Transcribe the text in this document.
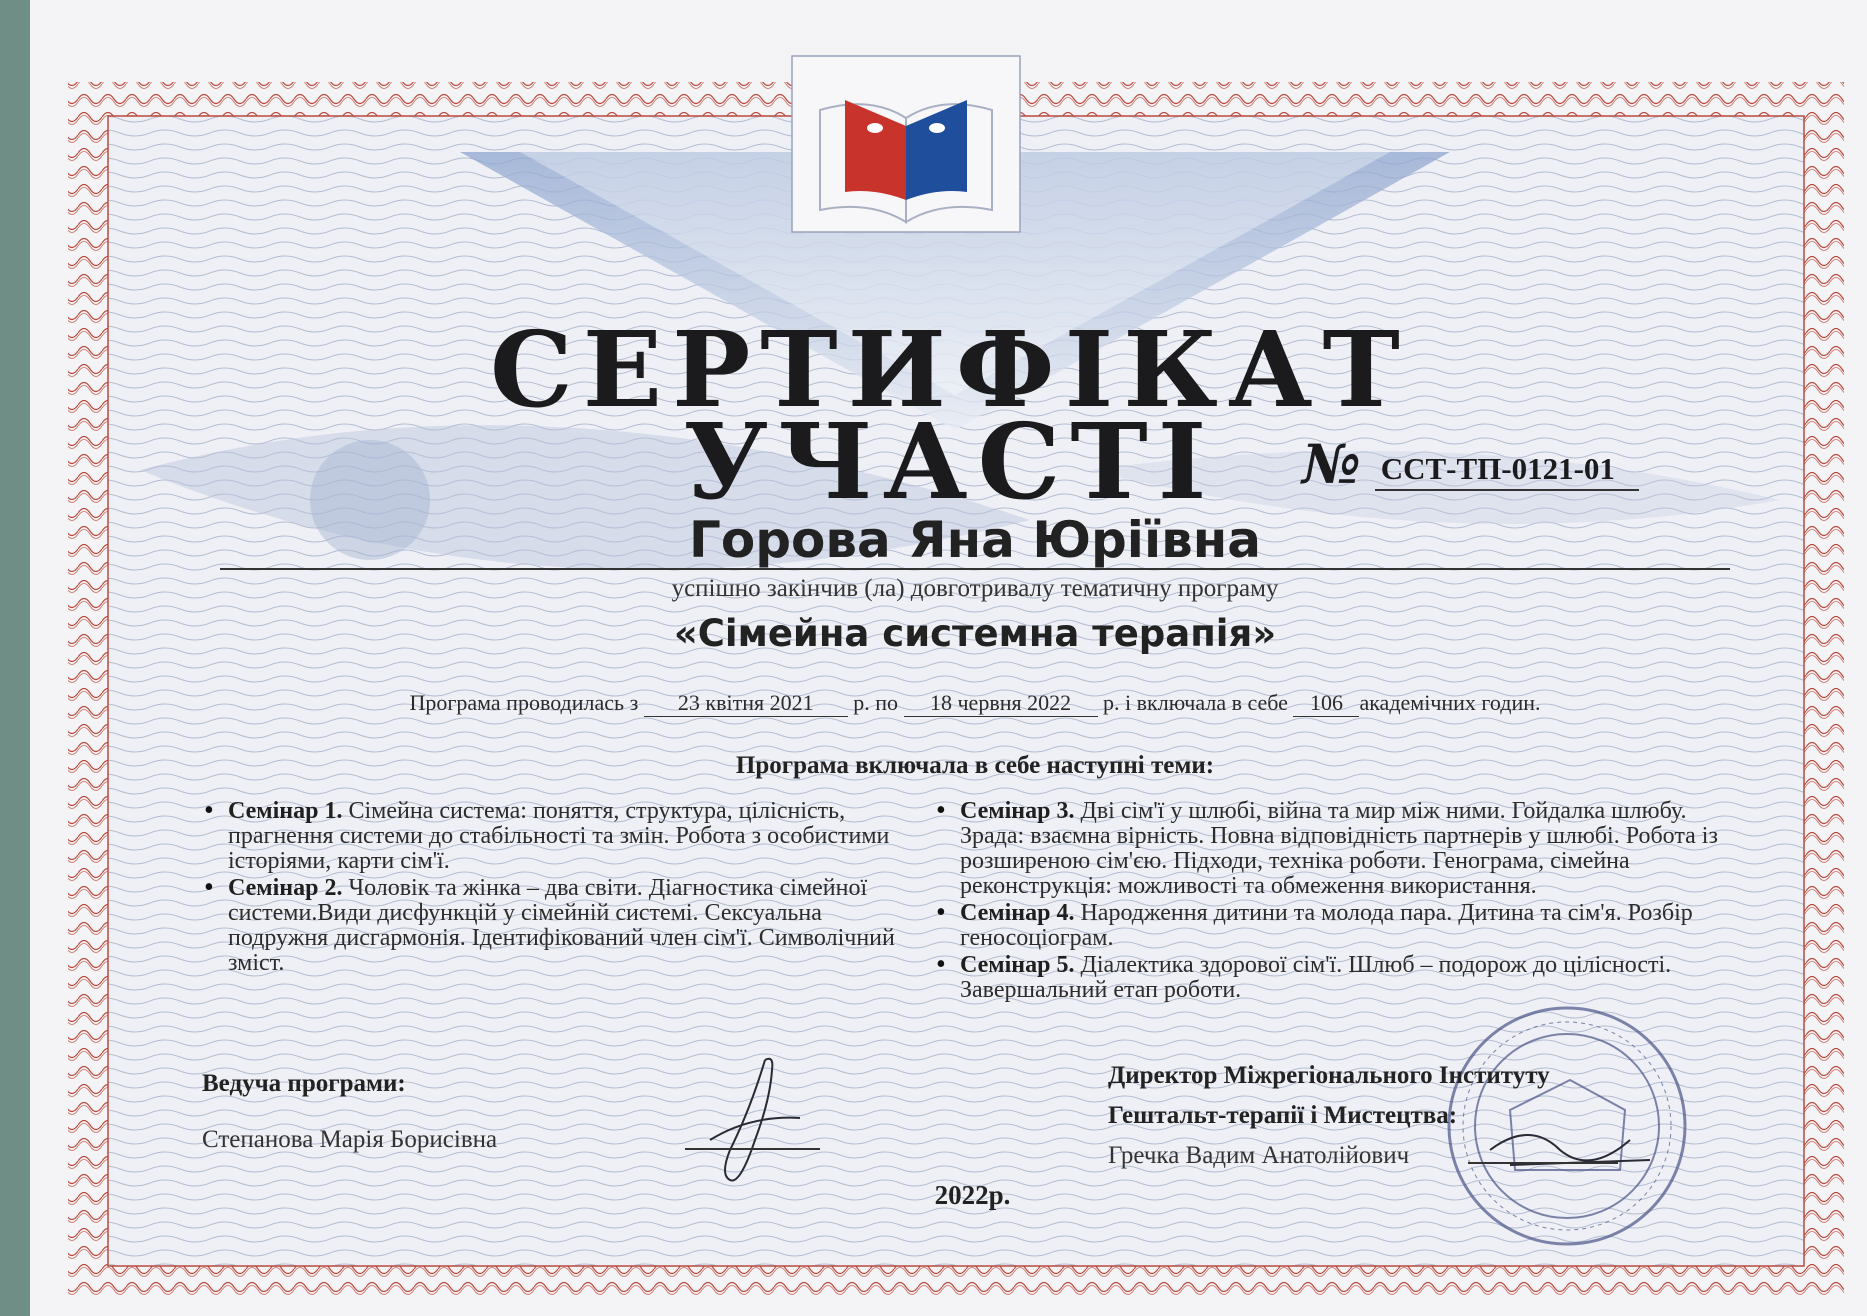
СЕРТИФІКАТ
УЧАСТІ	№ ССТ-ТП-0121-01
Горова Яна Юріївна
успішно закінчив (ла) довготривалу тематичну програму
«Сімейна системна терапія»
Програма проводилась з 23 квітня 2021 р. по 18 червня 2022 р. і включала в себе 106 академічних годин.
Програма включала в себе наступні теми:
• Семінар 1. Сімейна система: поняття, структура, цілісність, прагнення системи до стабільності та змін. Робота з особистими історіями, карти сім'ї.
• Семінар 2. Чоловік та жінка – два світи. Діагностика сімейної системи.Види дисфункцій у сімейній системі. Сексуальна подружня дисгармонія. Ідентифікований член сім'ї. Символічний зміст.
• Семінар 3. Дві сім'ї у шлюбі, війна та мир між ними. Гойдалка шлюбу. Зрада: взаємна вірність. Повна відповідність партнерів у шлюбі. Робота із розширеною сім'єю. Підходи, техніка роботи. Генограма, сімейна реконструкція: можливості та обмеження використання.
• Семінар 4. Народження дитини та молода пара. Дитина та сім'я. Розбір геносоціограм.
• Семінар 5. Діалектика здорової сім'ї. Шлюб – подорож до цілісності. Завершальний етап роботи.
Ведуча програми:
Степанова Марія Борисівна
2022р.
Директор Міжрегіонального Інституту
Гештальт-терапії і Мистецтва:
Гречка Вадим Анатолійович
